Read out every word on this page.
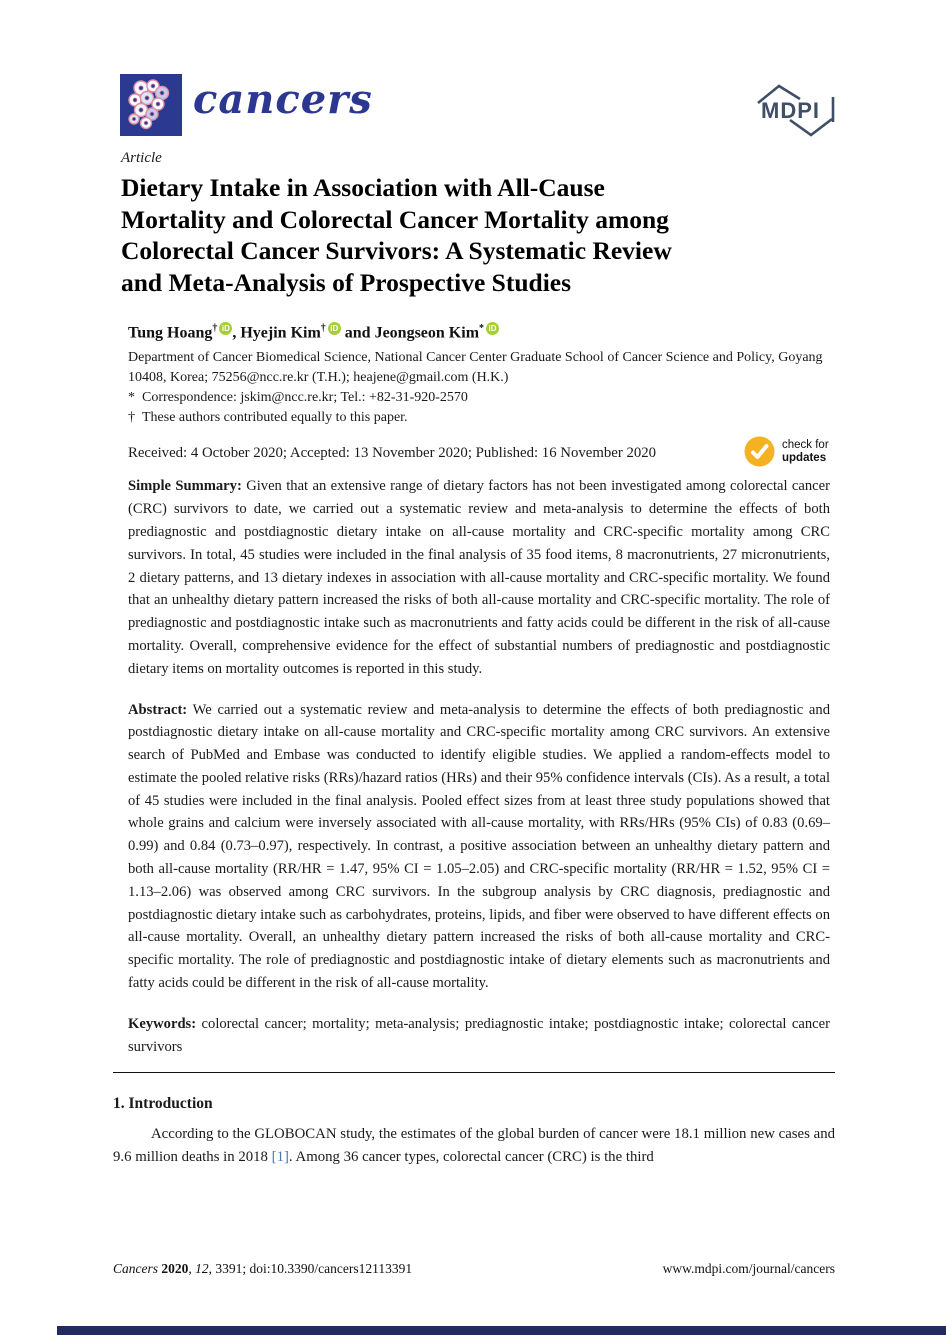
cancers	MDPI
Article
Dietary Intake in Association with All-Cause
Mortality and Colorectal Cancer Mortality among
Colorectal Cancer Survivors: A Systematic Review
and Meta-Analysis of Prospective Studies
Tung Hoang† iD , Hyejin Kim† iD and Jeongseon Kim* iD
Department of Cancer Biomedical Science, National Cancer Center Graduate School of Cancer Science and Policy, Goyang 10408, Korea; 75256@ncc.re.kr (T.H.); heajene@gmail.com (H.K.)
* Correspondence: jskim@ncc.re.kr; Tel.: +82-31-920-2570
† These authors contributed equally to this paper.
Received: 4 October 2020; Accepted: 13 November 2020; Published: 16 November 2020

Simple Summary: Given that an extensive range of dietary factors has not been investigated among colorectal cancer (CRC) survivors to date, we carried out a systematic review and meta-analysis to determine the effects of both prediagnostic and postdiagnostic dietary intake on all-cause mortality and CRC-specific mortality among CRC survivors. In total, 45 studies were included in the final analysis of 35 food items, 8 macronutrients, 27 micronutrients, 2 dietary patterns, and 13 dietary indexes in association with all-cause mortality and CRC-specific mortality. We found that an unhealthy dietary pattern increased the risks of both all-cause mortality and CRC-specific mortality. The role of prediagnostic and postdiagnostic intake such as macronutrients and fatty acids could be different in the risk of all-cause mortality. Overall, comprehensive evidence for the effect of substantial numbers of prediagnostic and postdiagnostic dietary items on mortality outcomes is reported in this study.

Abstract: We carried out a systematic review and meta-analysis to determine the effects of both prediagnostic and postdiagnostic dietary intake on all-cause mortality and CRC-specific mortality among CRC survivors. An extensive search of PubMed and Embase was conducted to identify eligible studies. We applied a random-effects model to estimate the pooled relative risks (RRs)/hazard ratios (HRs) and their 95% confidence intervals (CIs). As a result, a total of 45 studies were included in the final analysis. Pooled effect sizes from at least three study populations showed that whole grains and calcium were inversely associated with all-cause mortality, with RRs/HRs (95% CIs) of 0.83 (0.69–0.99) and 0.84 (0.73–0.97), respectively. In contrast, a positive association between an unhealthy dietary pattern and both all-cause mortality (RR/HR = 1.47, 95% CI = 1.05–2.05) and CRC-specific mortality (RR/HR = 1.52, 95% CI = 1.13–2.06) was observed among CRC survivors. In the subgroup analysis by CRC diagnosis, prediagnostic and postdiagnostic dietary intake such as carbohydrates, proteins, lipids, and fiber were observed to have different effects on all-cause mortality. Overall, an unhealthy dietary pattern increased the risks of both all-cause mortality and CRC-specific mortality. The role of prediagnostic and postdiagnostic intake of dietary elements such as macronutrients and fatty acids could be different in the risk of all-cause mortality.

Keywords: colorectal cancer; mortality; meta-analysis; prediagnostic intake; postdiagnostic intake; colorectal cancer survivors

1. Introduction

According to the GLOBOCAN study, the estimates of the global burden of cancer were 18.1 million new cases and 9.6 million deaths in 2018 [1]. Among 36 cancer types, colorectal cancer (CRC) is the third

check for
updates
Cancers 2020, 12, 3391; doi:10.3390/cancers12113391	www.mdpi.com/journal/cancers
